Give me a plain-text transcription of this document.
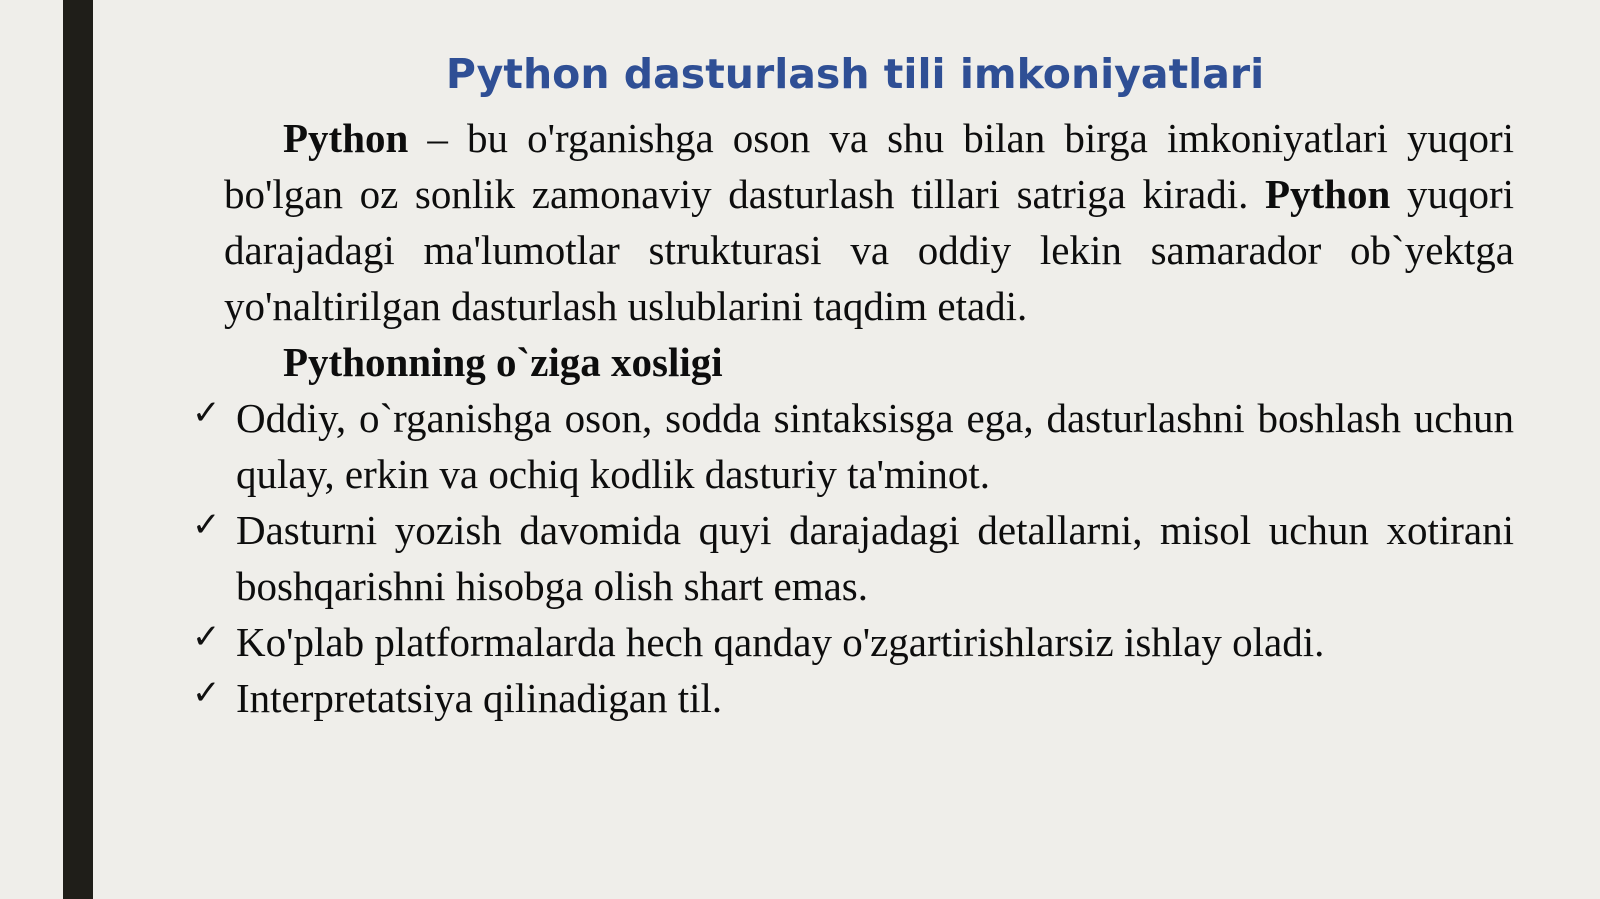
Python dasturlash tili imkoniyatlari

Python – bu o'rganishga oson va shu bilan birga imkoniyatlari yuqori bo'lgan oz sonlik zamonaviy dasturlash tillari satriga kiradi. Python yuqori darajadagi ma'lumotlar strukturasi va oddiy lekin samarador ob`yektga yo'naltirilgan dasturlash uslublarini taqdim etadi.

Pythonning o`ziga xosligi

✓ Oddiy, o`rganishga oson, sodda sintaksisga ega, dasturlashni boshlash uchun qulay, erkin va ochiq kodlik dasturiy ta'minot.
✓ Dasturni yozish davomida quyi darajadagi detallarni, misol uchun xotirani boshqarishni hisobga olish shart emas.
✓ Ko'plab platformalarda hech qanday o'zgartirishlarsiz ishlay oladi.
✓ Interpretatsiya qilinadigan til.
